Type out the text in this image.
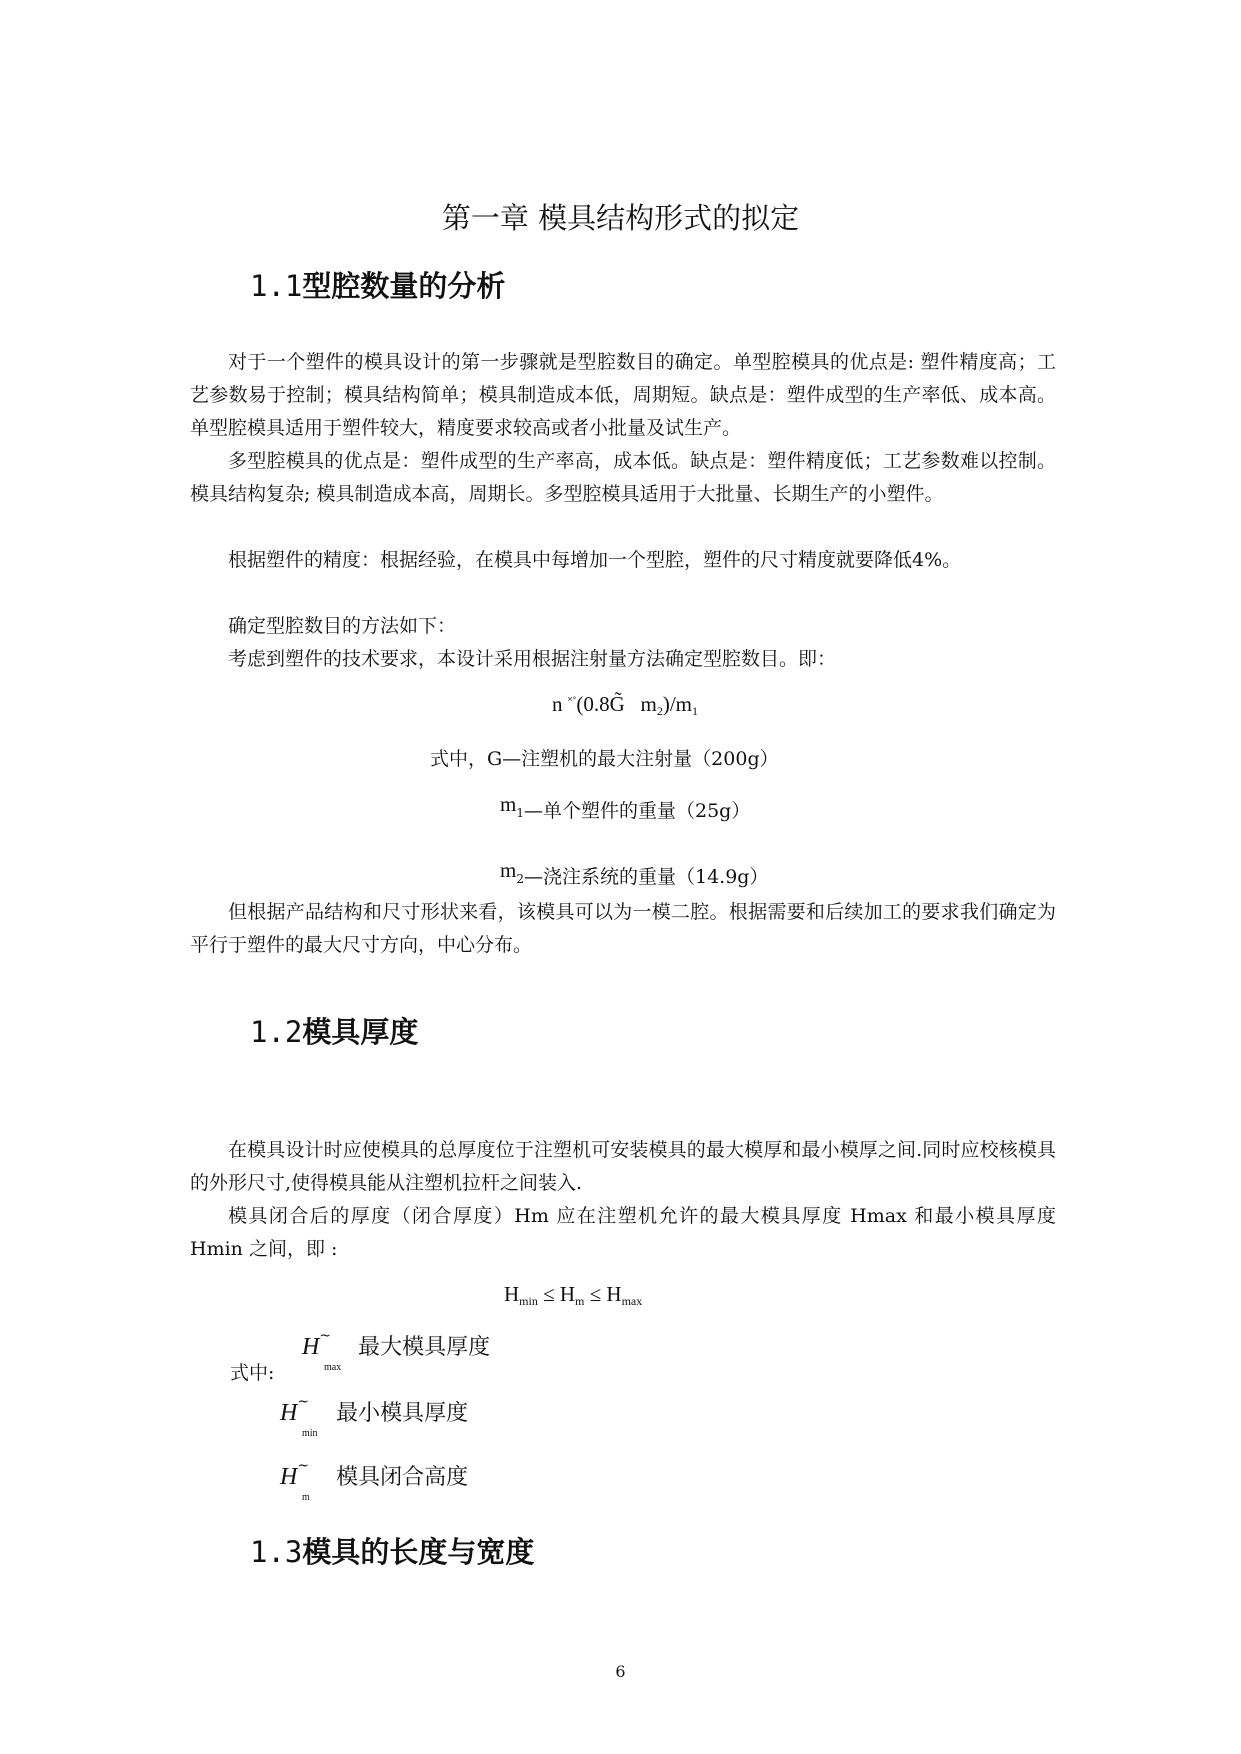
第一章 模具结构形式的拟定
1.1型腔数量的分析
对于一个塑件的模具设计的第一步骤就是型腔数目的确定。单型腔模具的优点是: 塑件精度高；工艺参数易于控制；模具结构简单；模具制造成本低，周期短。缺点是：塑件成型的生产率低、成本高。单型腔模具适用于塑件较大，精度要求较高或者小批量及试生产。
多型腔模具的优点是：塑件成型的生产率高，成本低。缺点是：塑件精度低；工艺参数难以控制。模具结构复杂; 模具制造成本高，周期长。多型腔模具适用于大批量、长期生产的小塑件。
根据塑件的精度：根据经验，在模具中每增加一个型腔，塑件的尺寸精度就要降低4%。
确定型腔数目的方法如下：
考虑到塑件的技术要求，本设计采用根据注射量方法确定型腔数目。即：
n ˟˚(0.8G̃ $m_2)/m_1$
式中，G—注塑机的最大注射量（200g）
m1—单个塑件的重量（25g）
m2—浇注系统的重量（14.9g）
但根据产品结构和尺寸形状来看，该模具可以为一模二腔。根据需要和后续加工的要求我们确定为平行于塑件的最大尺寸方向，中心分布。
1.2模具厚度
在模具设计时应使模具的总厚度位于注塑机可安装模具的最大模厚和最小模厚之间.同时应校核模具的外形尺寸,使得模具能从注塑机拉杆之间装入.
模具闭合后的厚度（闭合厚度）Hm 应在注塑机允许的最大模具厚度 Hmax 和最小模具厚度 Hmin 之间，即 :
$H_{min} \le H_m \le H_{max}$
式中:
H~
max
最大模具厚度
H~
min
最小模具厚度
H~
m
模具闭合高度
1.3模具的长度与宽度
6
